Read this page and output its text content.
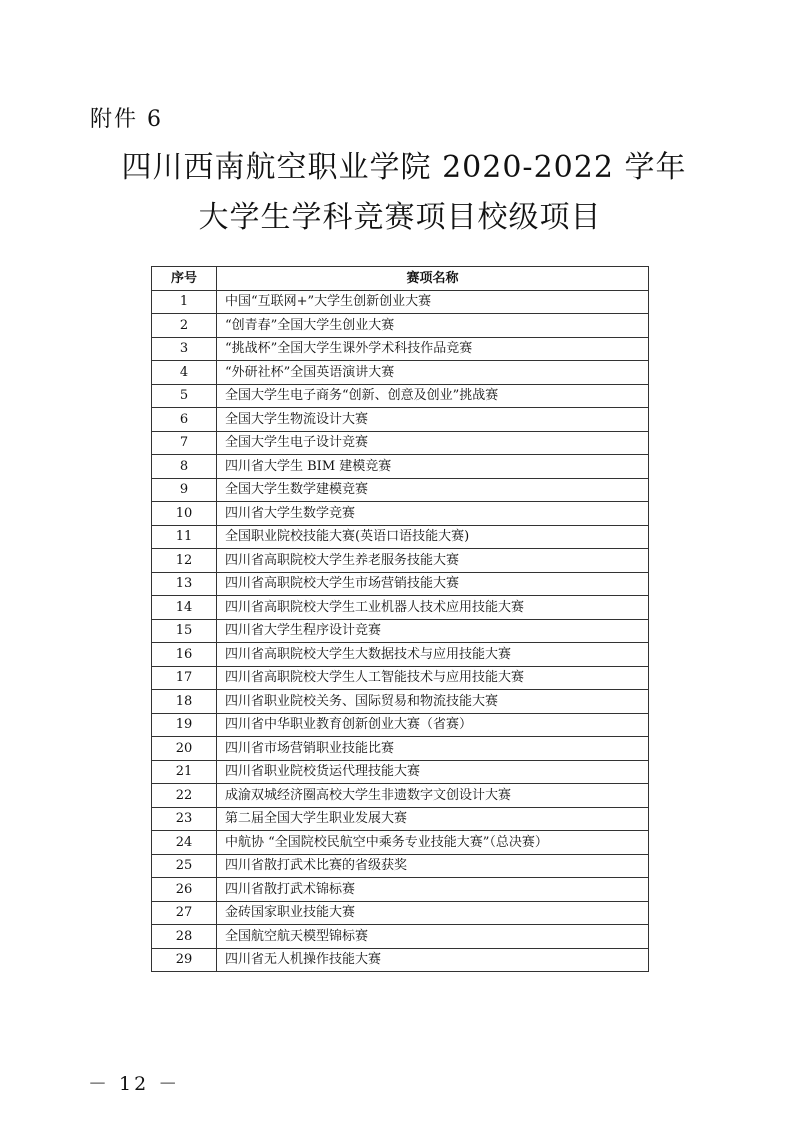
附件 6
四川西南航空职业学院 2020-2022 学年
大学生学科竞赛项目校级项目
序号	赛项名称
1	中国“互联网+”大学生创新创业大赛
2	“创青春”全国大学生创业大赛
3	“挑战杯”全国大学生课外学术科技作品竞赛
4	“外研社杯”全国英语演讲大赛
5	全国大学生电子商务“创新、创意及创业”挑战赛
6	全国大学生物流设计大赛
7	全国大学生电子设计竞赛
8	四川省大学生 BIM 建模竞赛
9	全国大学生数学建模竞赛
10	四川省大学生数学竞赛
11	全国职业院校技能大赛(英语口语技能大赛)
12	四川省高职院校大学生养老服务技能大赛
13	四川省高职院校大学生市场营销技能大赛
14	四川省高职院校大学生工业机器人技术应用技能大赛
15	四川省大学生程序设计竞赛
16	四川省高职院校大学生大数据技术与应用技能大赛
17	四川省高职院校大学生人工智能技术与应用技能大赛
18	四川省职业院校关务、国际贸易和物流技能大赛
19	四川省中华职业教育创新创业大赛（省赛）
20	四川省市场营销职业技能比赛
21	四川省职业院校货运代理技能大赛
22	成渝双城经济圈高校大学生非遗数字文创设计大赛
23	第二届全国大学生职业发展大赛
24	中航协 “全国院校民航空中乘务专业技能大赛”（总决赛）
25	四川省散打武术比赛的省级获奖
26	四川省散打武术锦标赛
27	金砖国家职业技能大赛
28	全国航空航天模型锦标赛
29	四川省无人机操作技能大赛
－ 12 －
